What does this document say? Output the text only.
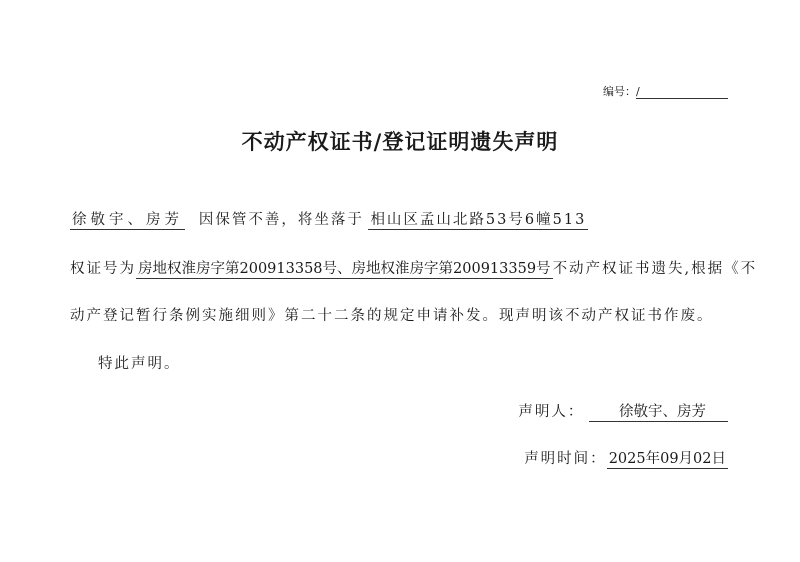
编号：/
不动产权证书/登记证明遗失声明
徐敬宇、房芳 因保管不善，将坐落于 相山区孟山北路53号6幢513
权证号为 房地权淮房字第200913358号、房地权淮房字第200913359号 不动产权证书遗失,根据《不
动产登记暂行条例实施细则》第二十二条的规定申请补发。现声明该不动产权证书作废。
特此声明。
声明人： 徐敬宇、房芳
声明时间： 2025年09月02日
